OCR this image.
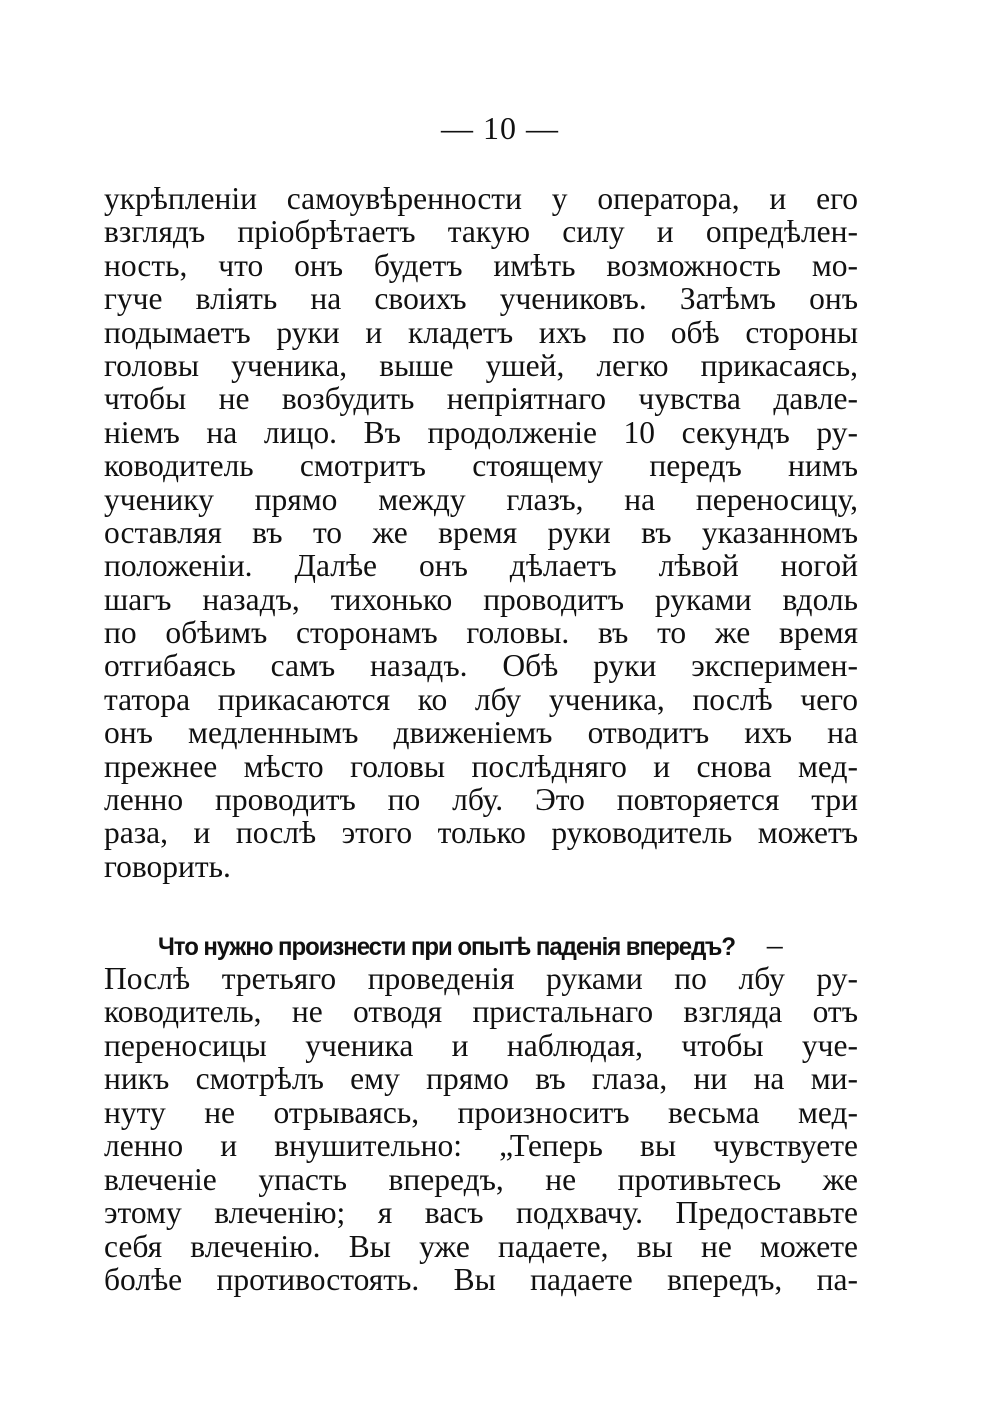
— 10 —
укрѣпленіи самоувѣренности у оператора, и его
взглядъ пріобрѣтаетъ такую силу и опредѣлен-
ность, что онъ будетъ имѣть возможность мо-
гуче вліять на своихъ учениковъ. Затѣмъ онъ
подымаетъ руки и кладетъ ихъ по обѣ стороны
головы ученика, выше ушей, легко прикасаясь,
чтобы не возбудить непріятнаго чувства давле-
ніемъ на лицо. Въ продолженіе 10 секундъ ру-
ководитель смотритъ стоящему передъ нимъ
ученику прямо между глазъ, на переносицу,
оставляя въ то же время руки въ указанномъ
положеніи. Далѣе онъ дѣлаетъ лѣвой ногой
шагъ назадъ, тихонько проводитъ руками вдоль
по обѣимъ сторонамъ головы. въ то же время
отгибаясь самъ назадъ. Обѣ руки эксперимен-
татора прикасаются ко лбу ученика, послѣ чего
онъ медленнымъ движеніемъ отводитъ ихъ на
прежнее мѣсто головы послѣдняго и снова мед-
ленно проводитъ по лбу. Это повторяется три
раза, и послѣ этого только руководитель можетъ
говорить.
Что нужно произнести при опытѣ паденія впередъ? –
Послѣ третьяго проведенія руками по лбу ру-
ководитель, не отводя пристальнаго взгляда отъ
переносицы ученика и наблюдая, чтобы уче-
никъ смотрѣлъ ему прямо въ глаза, ни на ми-
нуту не отрываясь, произноситъ весьма мед-
ленно и внушительно: „Теперь вы чувствуете
влеченіе упасть впередъ, не противьтесь же
этому влеченію; я васъ подхвачу. Предоставьте
себя влеченію. Вы уже падаете, вы не можете
болѣе противостоять. Вы падаете впередъ, па-
